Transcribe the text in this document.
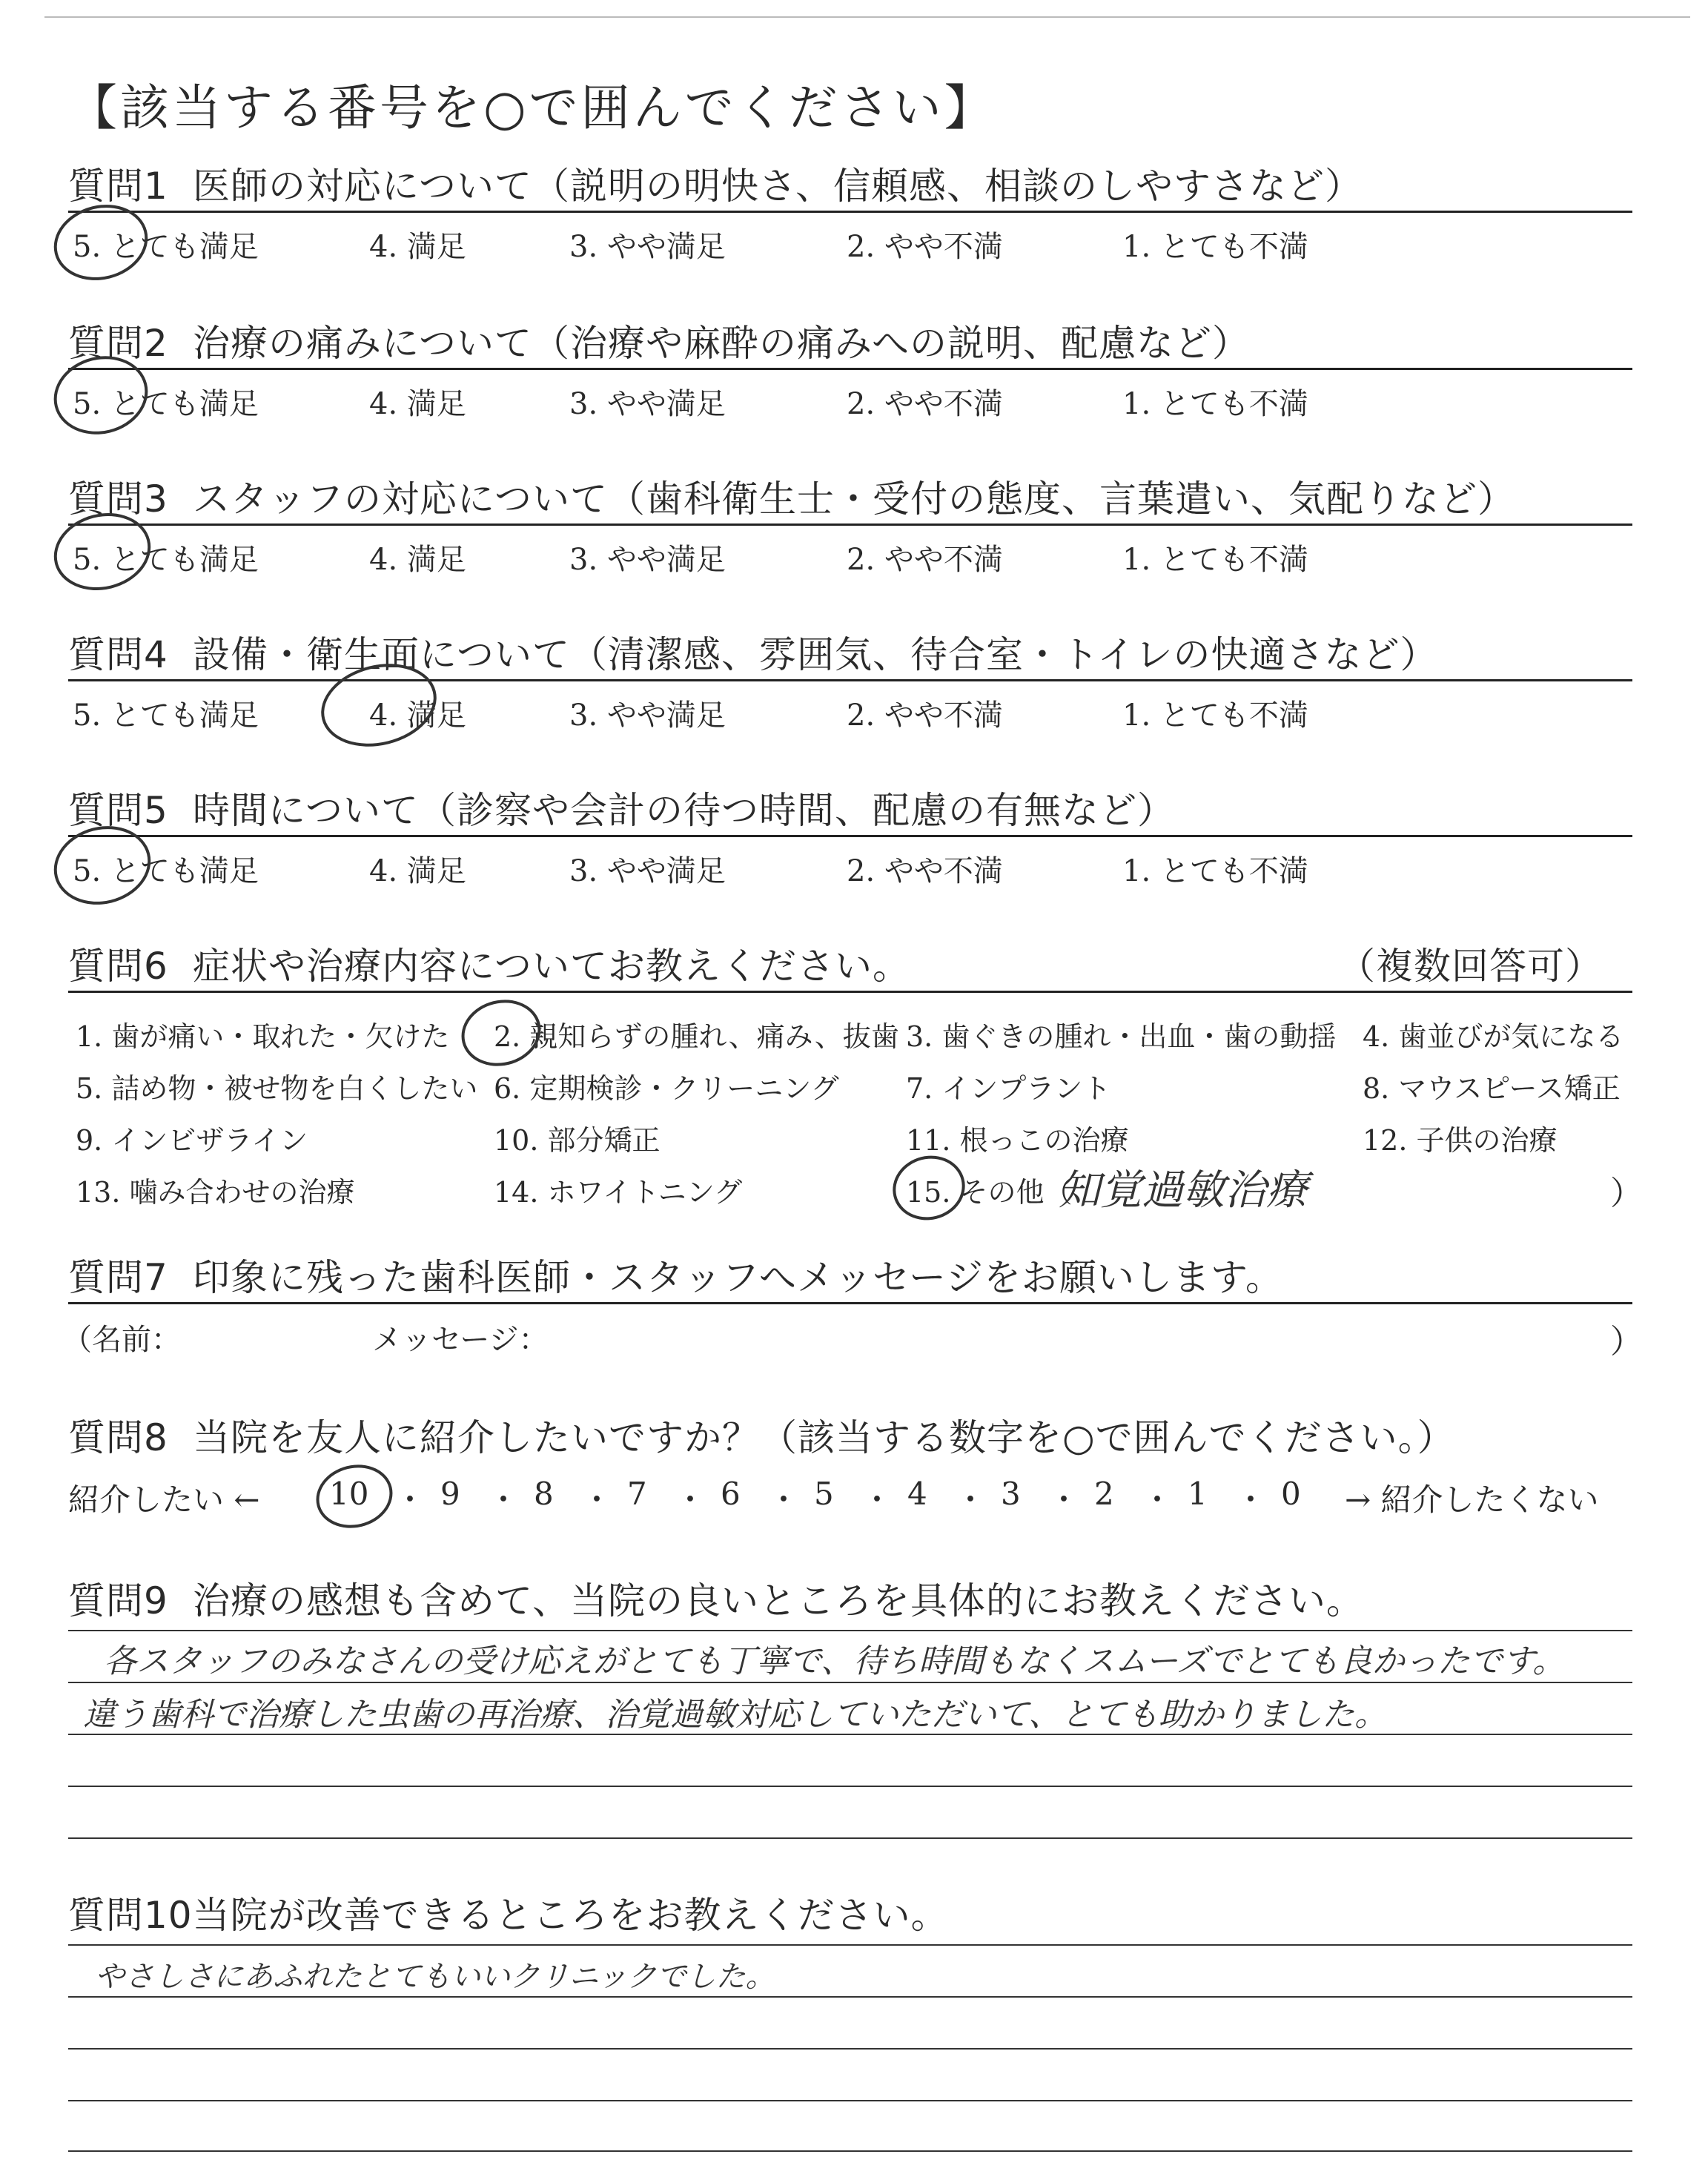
【該当する番号を○で囲んでください】
質問1 医師の対応について（説明の明快さ、信頼感、相談のしやすさなど）
5. とても満足	4. 満足	3. やや満足	2. やや不満	1. とても不満
質問2 治療の痛みについて（治療や麻酔の痛みへの説明、配慮など）
5. とても満足	4. 満足	3. やや満足	2. やや不満	1. とても不満
質問3 スタッフの対応について（歯科衛生士・受付の態度、言葉遣い、気配りなど）
5. とても満足	4. 満足	3. やや満足	2. やや不満	1. とても不満
質問4 設備・衛生面について（清潔感、雰囲気、待合室・トイレの快適さなど）
5. とても満足	4. 満足	3. やや満足	2. やや不満	1. とても不満
質問5 時間について（診察や会計の待つ時間、配慮の有無など）
5. とても満足	4. 満足	3. やや満足	2. やや不満	1. とても不満
質問6 症状や治療内容についてお教えください。	（複数回答可）
1. 歯が痛い・取れた・欠けた 2. 親知らずの腫れ、痛み、抜歯 3. 歯ぐきの腫れ・出血・歯の動揺 4. 歯並びが気になる
5. 詰め物・被せ物を白くしたい 6. 定期検診・クリーニング 7. インプラント	8. マウスピース矯正
9. インビザライン	10. 部分矯正	11. 根っこの治療	12. 子供の治療
13. 噛み合わせの治療	14. ホワイトニング	15. その他（
知覚過敏治療	）
質問7 印象に残った歯科医師・スタッフへメッセージをお願いします。
（名前：	メッセージ：	）
質問8 当院を友人に紹介したいですか？（該当する数字を○で囲んでください。）
紹介したい ← 10 ・ 9 ・ 8 ・ 7 ・ 6 ・ 5 ・ 4 ・ 3 ・ 2 ・ 1 ・ 0 → 紹介したくない
質問9 治療の感想も含めて、当院の良いところを具体的にお教えください。
各スタッフのみなさんの受け応えがとても丁寧で、待ち時間もなくスムーズでとても良かったです。
違う歯科で治療した虫歯の再治療、治覚過敏対応していただいて、とても助かりました。
質問10当院が改善できるところをお教えください。
やさしさにあふれたとてもいいクリニックでした。
